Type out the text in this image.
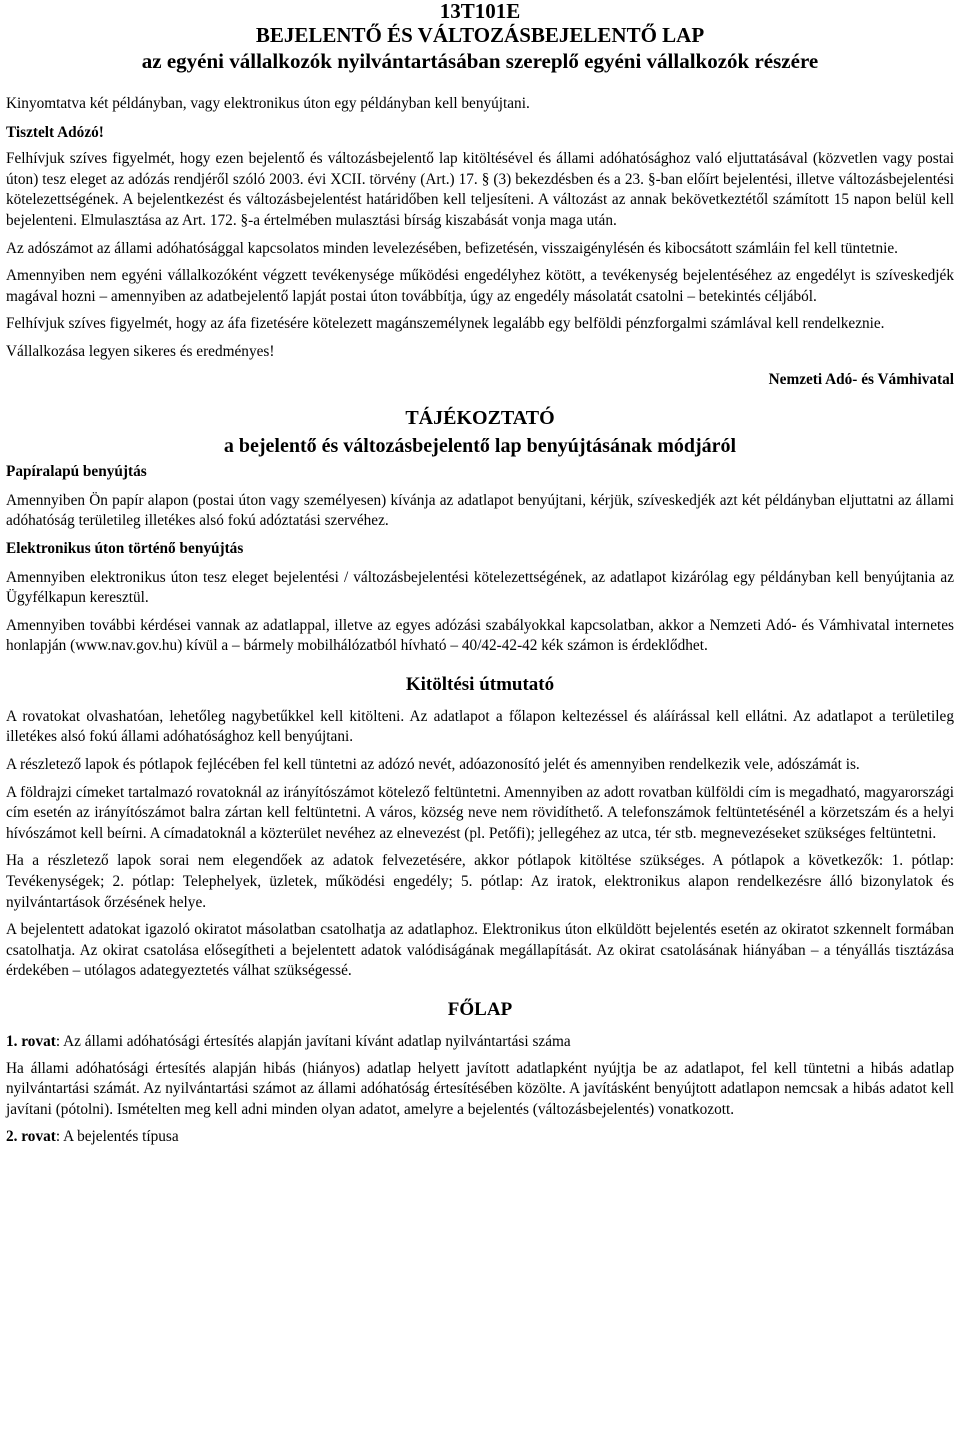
13T101E
BEJELENTŐ ÉS VÁLTOZÁSBEJELENTŐ LAP
az egyéni vállalkozók nyilvántartásában szereplő egyéni vállalkozók részére

Kinyomtatva két példányban, vagy elektronikus úton egy példányban kell benyújtani.

Tisztelt Adózó!

Felhívjuk szíves figyelmét, hogy ezen bejelentő és változásbejelentő lap kitöltésével és állami adóhatósághoz való eljuttatásával (közvetlen vagy postai úton) tesz eleget az adózás rendjéről szóló 2003. évi XCII. törvény (Art.) 17. § (3) bekezdésben és a 23. §-ban előírt bejelentési, illetve változásbejelentési kötelezettségének. A bejelentkezést és változásbejelentést határidőben kell teljesíteni. A változást az annak bekövetkeztétől számított 15 napon belül kell bejelenteni. Elmulasztása az Art. 172. §-a értelmében mulasztási bírság kiszabását vonja maga után.

Az adószámot az állami adóhatósággal kapcsolatos minden levelezésében, befizetésén, visszaigénylésén és kibocsátott számláin fel kell tüntetnie.

Amennyiben nem egyéni vállalkozóként végzett tevékenysége működési engedélyhez kötött, a tevékenység bejelentéséhez az engedélyt is szíveskedjék magával hozni – amennyiben az adatbejelentő lapját postai úton továbbítja, úgy az engedély másolatát csatolni – betekintés céljából.

Felhívjuk szíves figyelmét, hogy az áfa fizetésére kötelezett magánszemélynek legalább egy belföldi pénzforgalmi számlával kell rendelkeznie.

Vállalkozása legyen sikeres és eredményes!

Nemzeti Adó- és Vámhivatal
TÁJÉKOZTATÓ
a bejelentő és változásbejelentő lap benyújtásának módjáról
Papíralapú benyújtás

Amennyiben Ön papír alapon (postai úton vagy személyesen) kívánja az adatlapot benyújtani, kérjük, szíveskedjék azt két példányban eljuttatni az állami adóhatóság területileg illetékes alsó fokú adóztatási szervéhez.

Elektronikus úton történő benyújtás

Amennyiben elektronikus úton tesz eleget bejelentési / változásbejelentési kötelezettségének, az adatlapot kizárólag egy példányban kell benyújtania az Ügyfélkapun keresztül.

Amennyiben további kérdései vannak az adatlappal, illetve az egyes adózási szabályokkal kapcsolatban, akkor a Nemzeti Adó- és Vámhivatal internetes honlapján (www.nav.gov.hu) kívül a – bármely mobilhálózatból hívható – 40/42-42-42 kék számon is érdeklődhet.

Kitöltési útmutató

A rovatokat olvashatóan, lehetőleg nagybetűkkel kell kitölteni. Az adatlapot a főlapon keltezéssel és aláírással kell ellátni. Az adatlapot a területileg illetékes alsó fokú állami adóhatósághoz kell benyújtani.

A részletező lapok és pótlapok fejlécében fel kell tüntetni az adózó nevét, adóazonosító jelét és amennyiben rendelkezik vele, adószámát is.

A földrajzi címeket tartalmazó rovatoknál az irányítószámot kötelező feltüntetni. Amennyiben az adott rovatban külföldi cím is megadható, magyarországi cím esetén az irányítószámot balra zártan kell feltüntetni. A város, község neve nem rövidíthető. A telefonszámok feltüntetésénél a körzetszám és a helyi hívószámot kell beírni. A címadatoknál a közterület nevéhez az elnevezést (pl. Petőfi); jellegéhez az utca, tér stb. megnevezéseket szükséges feltüntetni.

Ha a részletező lapok sorai nem elegendőek az adatok felvezetésére, akkor pótlapok kitöltése szükséges. A pótlapok a következők: 1. pótlap: Tevékenységek; 2. pótlap: Telephelyek, üzletek, működési engedély; 5. pótlap: Az iratok, elektronikus alapon rendelkezésre álló bizonylatok és nyilvántartások őrzésének helye.

A bejelentett adatokat igazoló okiratot másolatban csatolhatja az adatlaphoz. Elektronikus úton elküldött bejelentés esetén az okiratot szkennelt formában csatolhatja. Az okirat csatolása elősegítheti a bejelentett adatok valódiságának megállapítását. Az okirat csatolásának hiányában – a tényállás tisztázása érdekében – utólagos adategyeztetés válhat szükségessé.

FŐLAP

1. rovat: Az állami adóhatósági értesítés alapján javítani kívánt adatlap nyilvántartási száma

Ha állami adóhatósági értesítés alapján hibás (hiányos) adatlap helyett javított adatlapként nyújtja be az adatlapot, fel kell tüntetni a hibás adatlap nyilvántartási számát. Az nyilvántartási számot az állami adóhatóság értesítésében közölte. A javításként benyújtott adatlapon nemcsak a hibás adatot kell javítani (pótolni). Ismételten meg kell adni minden olyan adatot, amelyre a bejelentés (változásbejelentés) vonatkozott.

2. rovat: A bejelentés típusa
